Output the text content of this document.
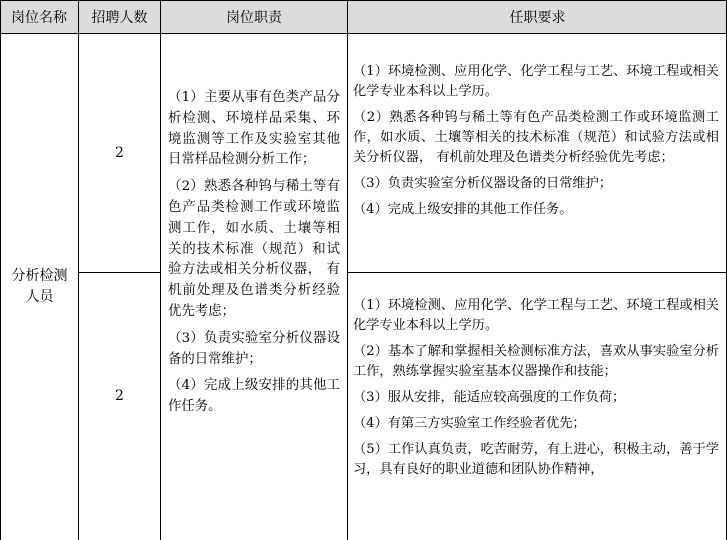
岗位名称 招聘人数	岗位职责	任职要求
分析检测
人员
2
2

（1）主要从事有色类产品分析检测、环境样品采集、环境监测等工作及实验室其他日常样品检测分析工作；

（2）熟悉各种钨与稀土等有色产品类检测工作或环境监测工作，如水质、土壤等相关的技术标准（规范）和试验方法或相关分析仪器， 有机前处理及色谱类分析经验优先考虑；

（3）负责实验室分析仪器设备的日常维护；

（4）完成上级安排的其他工作任务。

（1）环境检测、应用化学、化学工程与工艺、环境工程或相关化学专业本科以上学历。

（2）熟悉各种钨与稀土等有色产品类检测工作或环境监测工作，如水质、土壤等相关的技术标准（规范）和试验方法或相关分析仪器， 有机前处理及色谱类分析经验优先考虑；

（3）负责实验室分析仪器设备的日常维护；

（4）完成上级安排的其他工作任务。

（1）环境检测、应用化学、化学工程与工艺、环境工程或相关化学专业本科以上学历。

（2）基本了解和掌握相关检测标准方法，喜欢从事实验室分析工作，熟练掌握实验室基本仪器操作和技能；

（3）服从安排，能适应较高强度的工作负荷；

（4）有第三方实验室工作经验者优先；

（5）工作认真负责，吃苦耐劳，有上进心，积极主动，善于学习，具有良好的职业道德和团队协作精神，
